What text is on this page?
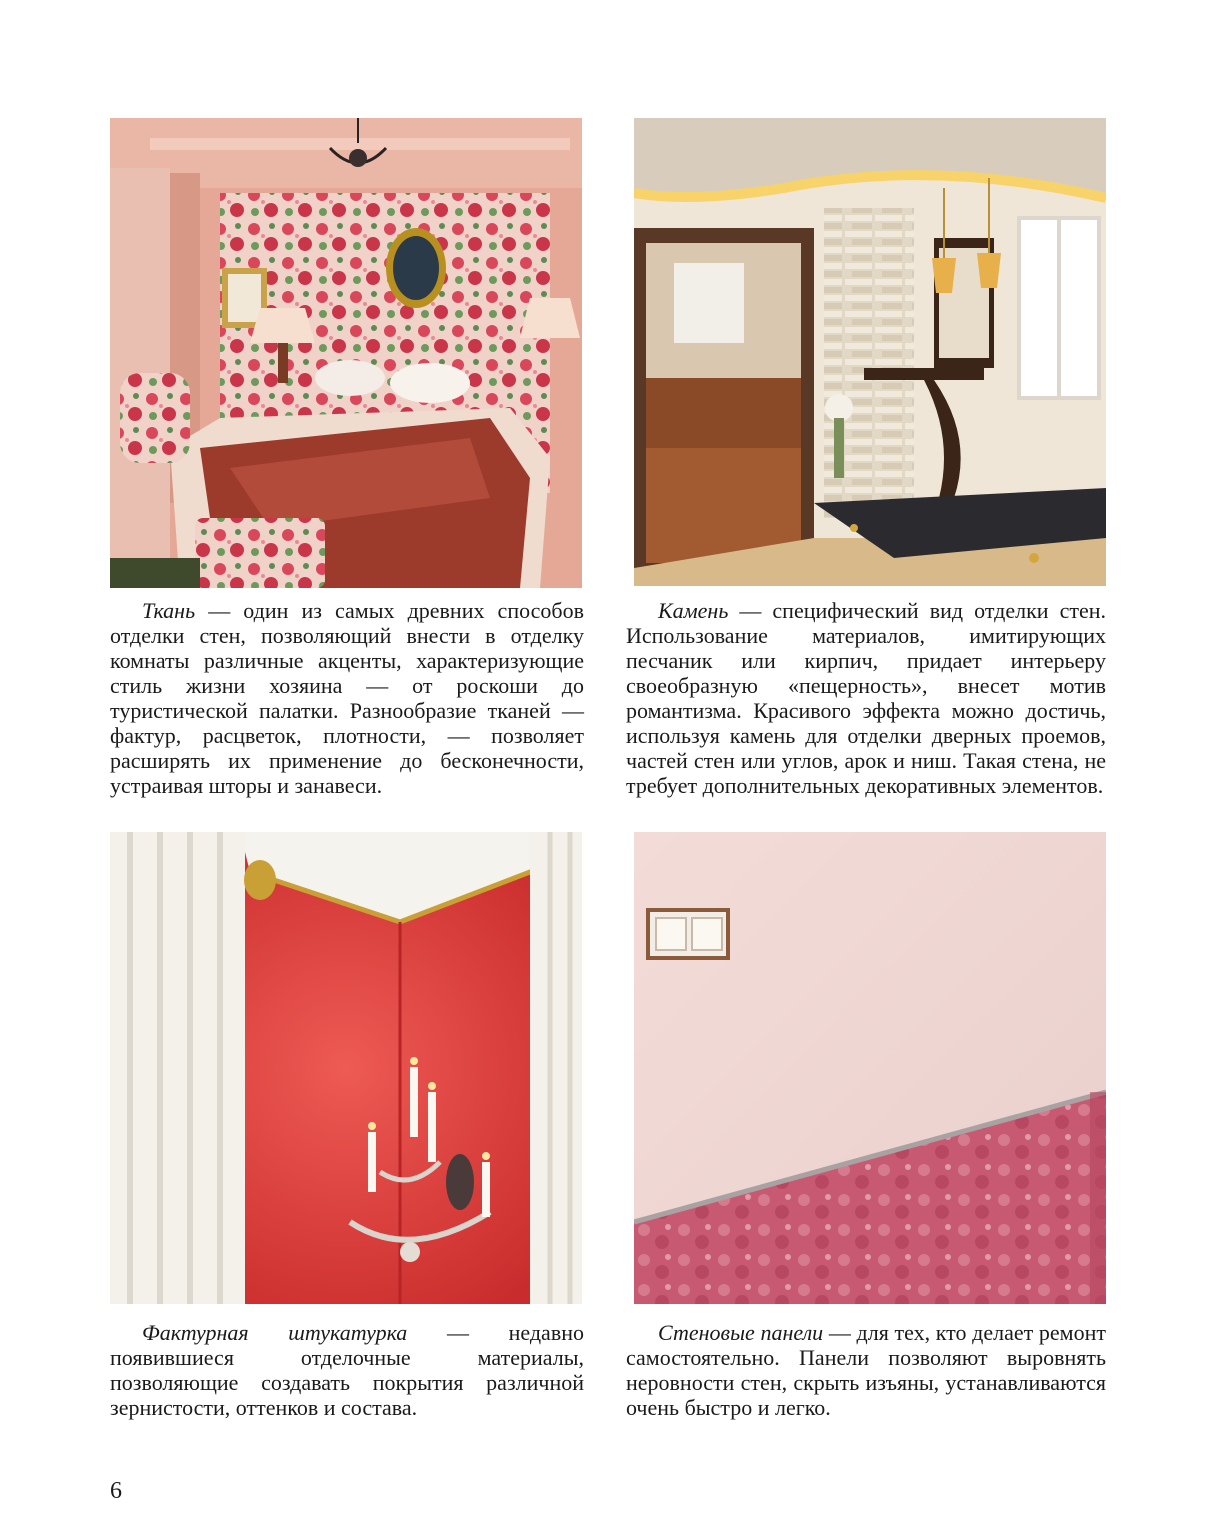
Ткань — один из самых древних способов отделки стен, позволяющий внести в отделку комнаты различные акценты, характеризующие стиль жизни хозяина — от роскоши до туристической палатки. Разнообразие тканей — фактур, расцветок, плотности, — позволяет расширять их применение до бесконечности, устраивая шторы и занавеси.

Камень — специфический вид отделки стен. Использование материалов, имитирующих песчаник или кирпич, придает интерьеру своеобразную «пещерность», внесет мотив романтизма. Красивого эффекта можно достичь, используя камень для отделки дверных проемов, частей стен или углов, арок и ниш. Такая стена, не требует дополнительных декоративных элементов.

Фактурная штукатурка — недавно появившиеся отделочные материалы, позволяющие создавать покрытия различной зернистости, оттенков и состава.

Стеновые панели — для тех, кто делает ремонт самостоятельно. Панели позволяют выровнять неровности стен, скрыть изъяны, устанавливаются очень быстро и легко.

6
